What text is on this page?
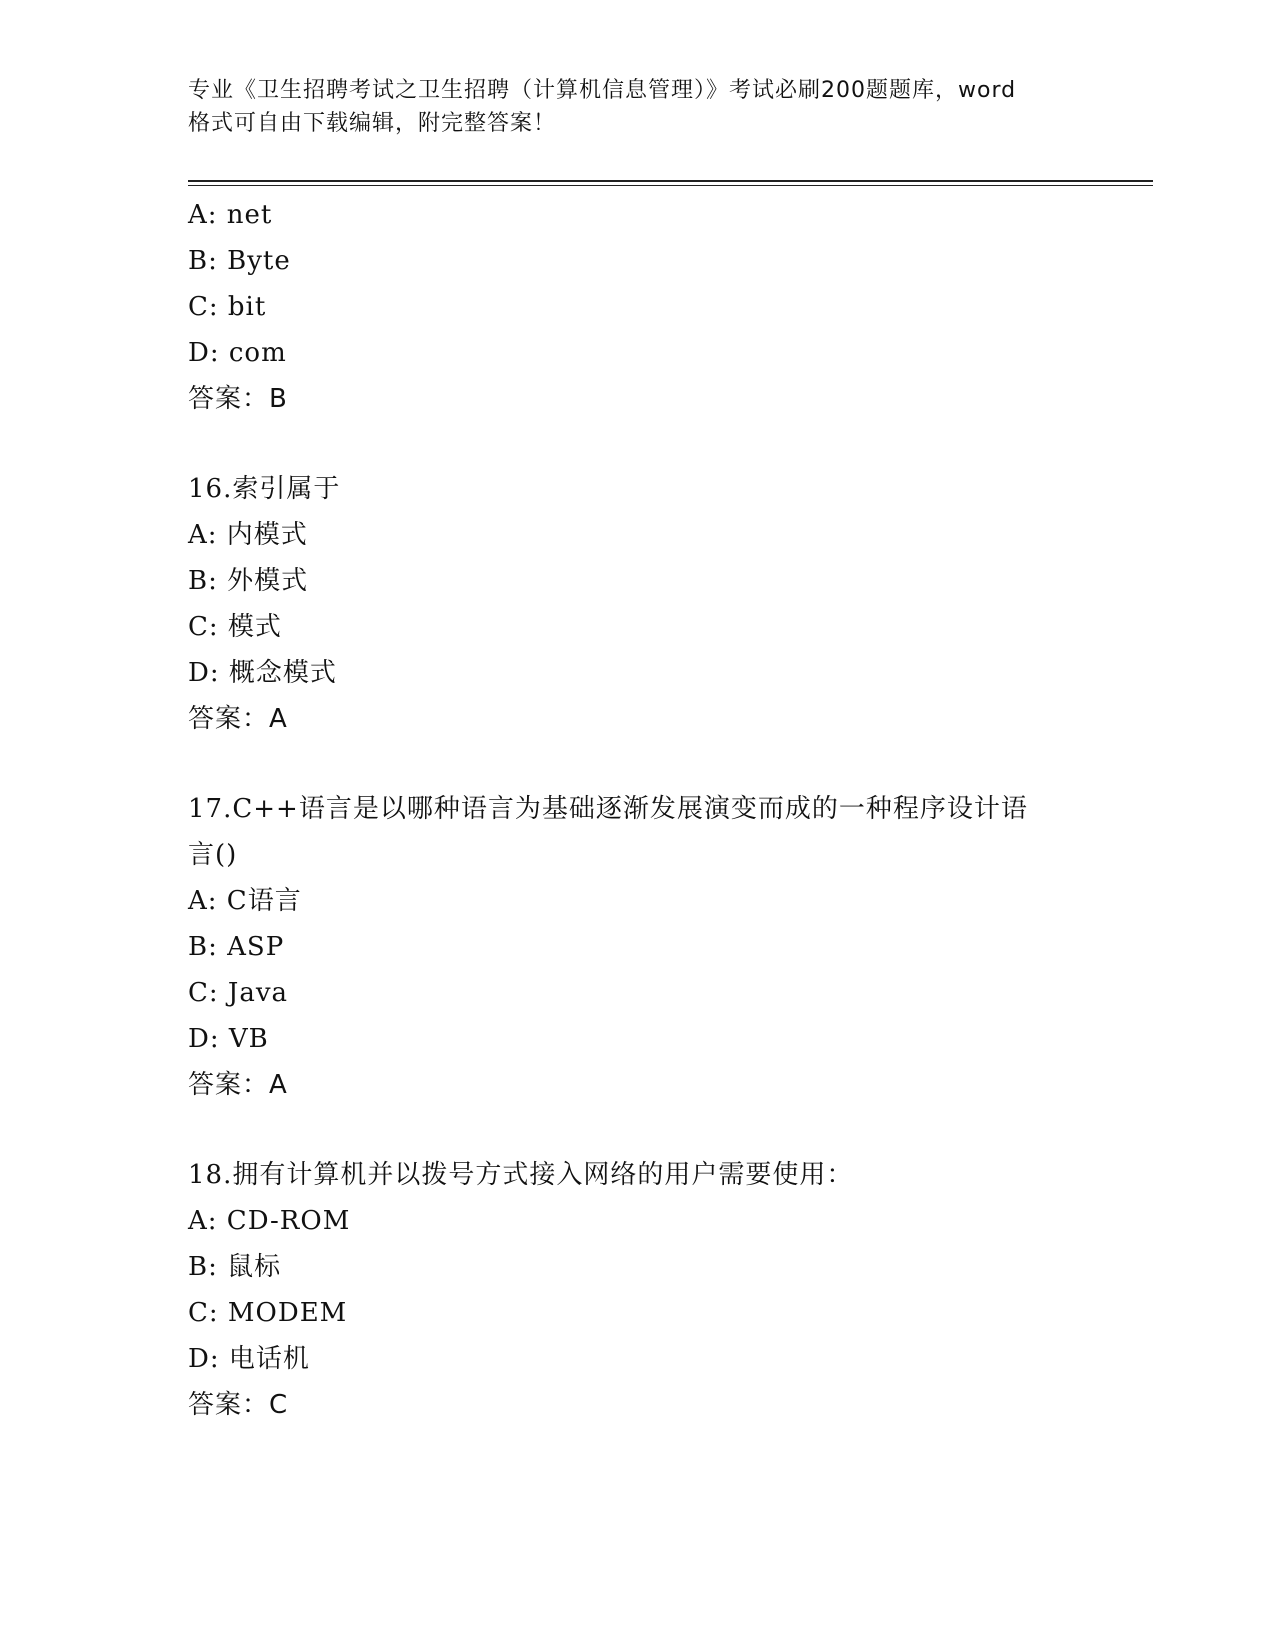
专业《卫生招聘考试之卫生招聘（计算机信息管理）》考试必刷200题题库，word
格式可自由下载编辑，附完整答案！
A: net
B: Byte
C: bit
D: com
答案：B
16.索引属于
A: 内模式
B: 外模式
C: 模式
D: 概念模式
答案：A
17.C++语言是以哪种语言为基础逐渐发展演变而成的一种程序设计语
言()
A: C语言
B: ASP
C: Java
D: VB
答案：A
18.拥有计算机并以拨号方式接入网络的用户需要使用：
A: CD-ROM
B: 鼠标
C: MODEM
D: 电话机
答案：C
